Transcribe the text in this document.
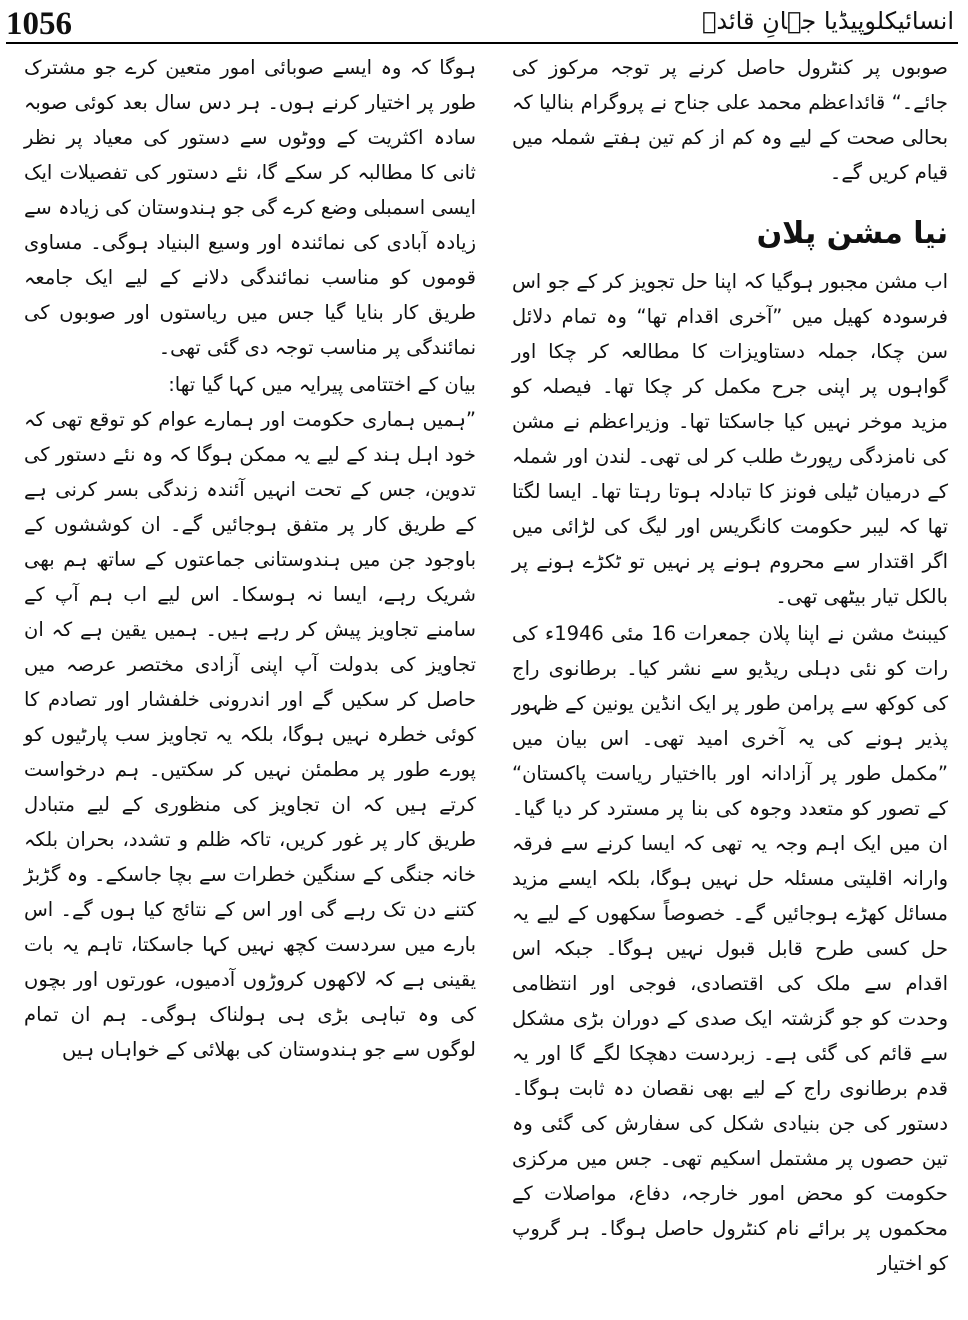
1056	انسائیکلوپیڈیا جہانِ قائدؒ

صوبوں پر کنٹرول حاصل کرنے پر توجہ مرکوز کی جائے۔“ قائداعظم محمد علی جناح نے پروگرام بنالیا کہ بحالی صحت کے لیے وہ کم از کم تین ہفتے شملہ میں قیام کریں گے۔

نیا مشن پلان

اب مشن مجبور ہوگیا کہ اپنا حل تجویز کر کے جو اس فرسودہ کھیل میں ”آخری اقدام تھا“ وہ تمام دلائل سن چکا، جملہ دستاویزات کا مطالعہ کر چکا اور گواہوں پر اپنی جرح مکمل کر چکا تھا۔ فیصلہ کو مزید موخر نہیں کیا جاسکتا تھا۔ وزیراعظم نے مشن کی نامزدگی رپورٹ طلب کر لی تھی۔ لندن اور شملہ کے درمیان ٹیلی فونز کا تبادلہ ہوتا رہتا تھا۔ ایسا لگتا تھا کہ لیبر حکومت کانگریس اور لیگ کی لڑائی میں اگر اقتدار سے محروم ہونے پر نہیں تو ٹکڑے ہونے پر بالکل تیار بیٹھی تھی۔

کیبنٹ مشن نے اپنا پلان جمعرات 16 مئی 1946ء کی رات کو نئی دہلی ریڈیو سے نشر کیا۔ برطانوی راج کی کوکھ سے پرامن طور پر ایک انڈین یونین کے ظہور پذیر ہونے کی یہ آخری امید تھی۔ اس بیان میں ”مکمل طور پر آزادانہ اور بااختیار ریاست پاکستان“ کے تصور کو متعدد وجوہ کی بنا پر مسترد کر دیا گیا۔ ان میں ایک اہم وجہ یہ تھی کہ ایسا کرنے سے فرقہ وارانہ اقلیتی مسئلہ حل نہیں ہوگا، بلکہ ایسے مزید مسائل کھڑے ہوجائیں گے۔ خصوصاً سکھوں کے لیے یہ حل کسی طرح قابل قبول نہیں ہوگا۔ جبکہ اس اقدام سے ملک کی اقتصادی، فوجی اور انتظامی وحدت کو جو گزشتہ ایک صدی کے دوران بڑی مشکل سے قائم کی گئی ہے۔ زبردست دھچکا لگے گا اور یہ قدم برطانوی راج کے لیے بھی نقصان دہ ثابت ہوگا۔ دستور کی جن بنیادی شکل کی سفارش کی گئی وہ تین حصوں پر مشتمل اسکیم تھی۔ جس میں مرکزی حکومت کو محض امور خارجہ، دفاع، مواصلات کے محکموں پر برائے نام کنٹرول حاصل ہوگا۔ ہر گروپ کو اختیار

ہوگا کہ وہ ایسے صوبائی امور متعین کرے جو مشترک طور پر اختیار کرنے ہوں۔ ہر دس سال بعد کوئی صوبہ سادہ اکثریت کے ووٹوں سے دستور کی معیاد پر نظر ثانی کا مطالبہ کر سکے گا، نئے دستور کی تفصیلات ایک ایسی اسمبلی وضع کرے گی جو ہندوستان کی زیادہ سے زیادہ آبادی کی نمائندہ اور وسیع البنیاد ہوگی۔ مساوی قوموں کو مناسب نمائندگی دلانے کے لیے ایک جامعہ طریق کار بنایا گیا جس میں ریاستوں اور صوبوں کی نمائندگی پر مناسب توجہ دی گئی تھی۔

بیان کے اختتامی پیرایہ میں کہا گیا تھا:

”ہمیں ہماری حکومت اور ہمارے عوام کو توقع تھی کہ خود اہل ہند کے لیے یہ ممکن ہوگا کہ وہ نئے دستور کی تدوین، جس کے تحت انہیں آئندہ زندگی بسر کرنی ہے کے طریق کار پر متفق ہوجائیں گے۔ ان کوششوں کے باوجود جن میں ہندوستانی جماعتوں کے ساتھ ہم بھی شریک رہے، ایسا نہ ہوسکا۔ اس لیے اب ہم آپ کے سامنے تجاویز پیش کر رہے ہیں۔ ہمیں یقین ہے کہ ان تجاویز کی بدولت آپ اپنی آزادی مختصر عرصہ میں حاصل کر سکیں گے اور اندرونی خلفشار اور تصادم کا کوئی خطرہ نہیں ہوگا، بلکہ یہ تجاویز سب پارٹیوں کو پورے طور پر مطمئن نہیں کر سکتیں۔ ہم درخواست کرتے ہیں کہ ان تجاویز کی منظوری کے لیے متبادل طریق کار پر غور کریں، تاکہ ظلم و تشدد، بحران بلکہ خانہ جنگی کے سنگین خطرات سے بچا جاسکے۔ وہ گڑبڑ کتنے دن تک رہے گی اور اس کے نتائج کیا ہوں گے۔ اس بارے میں سردست کچھ نہیں کہا جاسکتا، تاہم یہ بات یقینی ہے کہ لاکھوں کروڑوں آدمیوں، عورتوں اور بچوں کی وہ تباہی بڑی ہی ہولناک ہوگی۔ ہم ان تمام لوگوں سے جو ہندوستان کی بھلائی کے خواہاں ہیں
